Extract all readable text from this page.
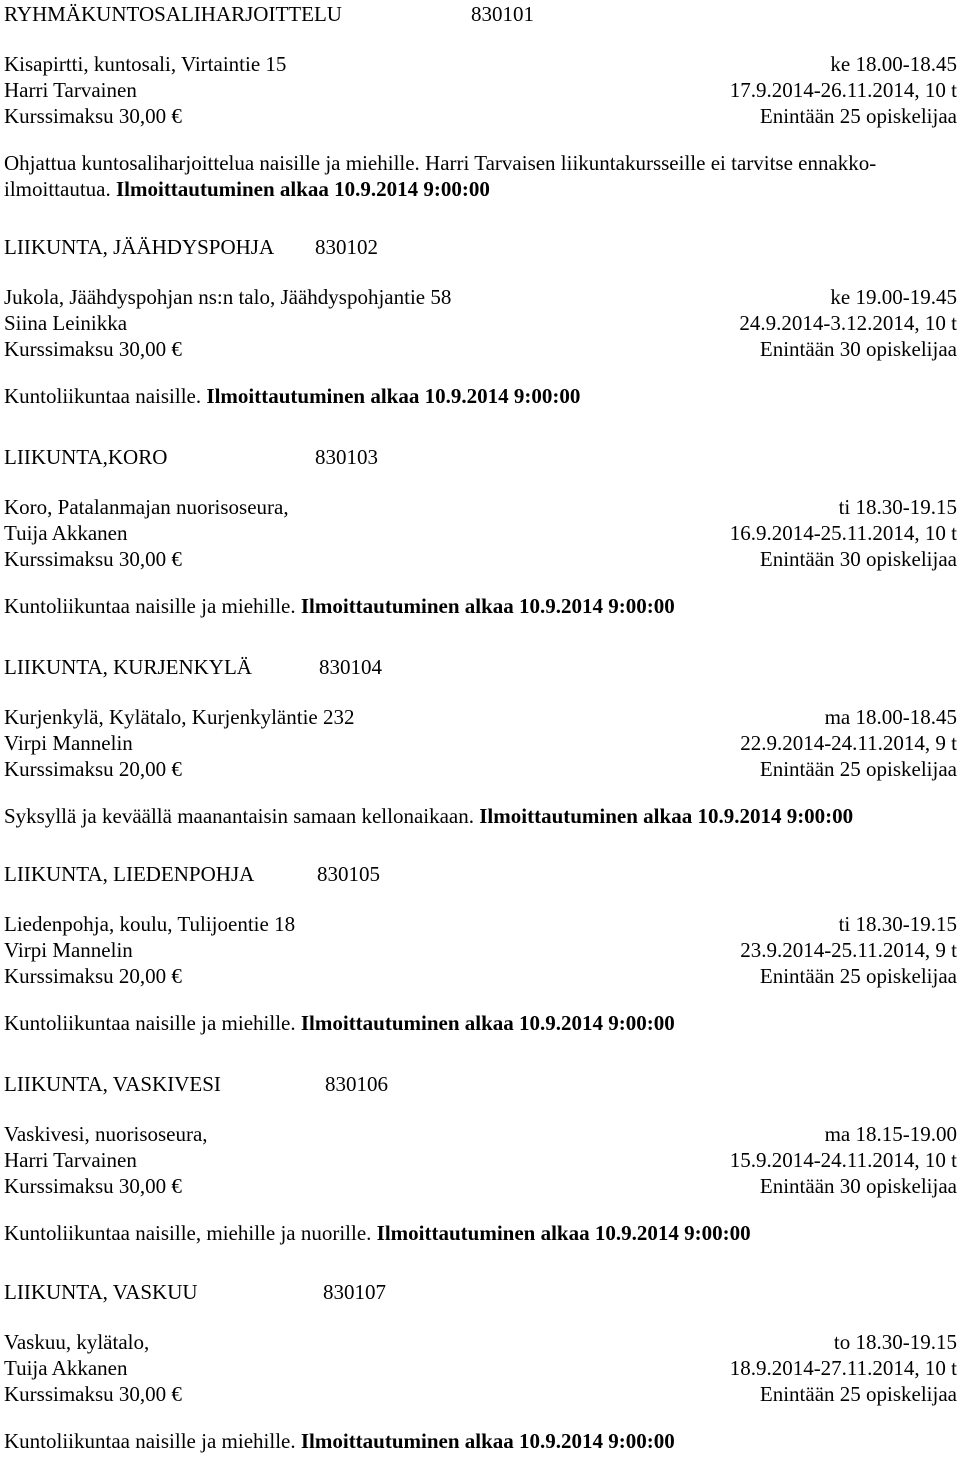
RYHMÄKUNTOSALIHARJOITTELU	830101
Kisapirtti, kuntosali, Virtaintie 15	ke 18.00-18.45
Harri Tarvainen	17.9.2014-26.11.2014, 10 t
Kurssimaksu 30,00 €	Enintään 25 opiskelijaa
Ohjattua kuntosaliharjoittelua naisille ja miehille. Harri Tarvaisen liikuntakursseille ei tarvitse ennakko-ilmoittautua. Ilmoittautuminen alkaa 10.9.2014 9:00:00
LIIKUNTA, JÄÄHDYSPOHJA 830102
Jukola, Jäähdyspohjan ns:n talo, Jäähdyspohjantie 58	ke 19.00-19.45
Siina Leinikka	24.9.2014-3.12.2014, 10 t
Kurssimaksu 30,00 €	Enintään 30 opiskelijaa
Kuntoliikuntaa naisille. Ilmoittautuminen alkaa 10.9.2014 9:00:00
LIIKUNTA,KORO	830103
Koro, Patalanmajan nuorisoseura,	ti 18.30-19.15
Tuija Akkanen	16.9.2014-25.11.2014, 10 t
Kurssimaksu 30,00 €	Enintään 30 opiskelijaa
Kuntoliikuntaa naisille ja miehille. Ilmoittautuminen alkaa 10.9.2014 9:00:00
LIIKUNTA, KURJENKYLÄ	830104
Kurjenkylä, Kylätalo, Kurjenkyläntie 232	ma 18.00-18.45
Virpi Mannelin	22.9.2014-24.11.2014, 9 t
Kurssimaksu 20,00 €	Enintään 25 opiskelijaa
Syksyllä ja keväällä maanantaisin samaan kellonaikaan. Ilmoittautuminen alkaa 10.9.2014 9:00:00
LIIKUNTA, LIEDENPOHJA	830105
Liedenpohja, koulu, Tulijoentie 18	ti 18.30-19.15
Virpi Mannelin	23.9.2014-25.11.2014, 9 t
Kurssimaksu 20,00 €	Enintään 25 opiskelijaa
Kuntoliikuntaa naisille ja miehille. Ilmoittautuminen alkaa 10.9.2014 9:00:00
LIIKUNTA, VASKIVESI	830106
Vaskivesi, nuorisoseura,	ma 18.15-19.00
Harri Tarvainen	15.9.2014-24.11.2014, 10 t
Kurssimaksu 30,00 €	Enintään 30 opiskelijaa
Kuntoliikuntaa naisille, miehille ja nuorille. Ilmoittautuminen alkaa 10.9.2014 9:00:00
LIIKUNTA, VASKUU	830107
Vaskuu, kylätalo,	to 18.30-19.15
Tuija Akkanen	18.9.2014-27.11.2014, 10 t
Kurssimaksu 30,00 €	Enintään 25 opiskelijaa
Kuntoliikuntaa naisille ja miehille. Ilmoittautuminen alkaa 10.9.2014 9:00:00
